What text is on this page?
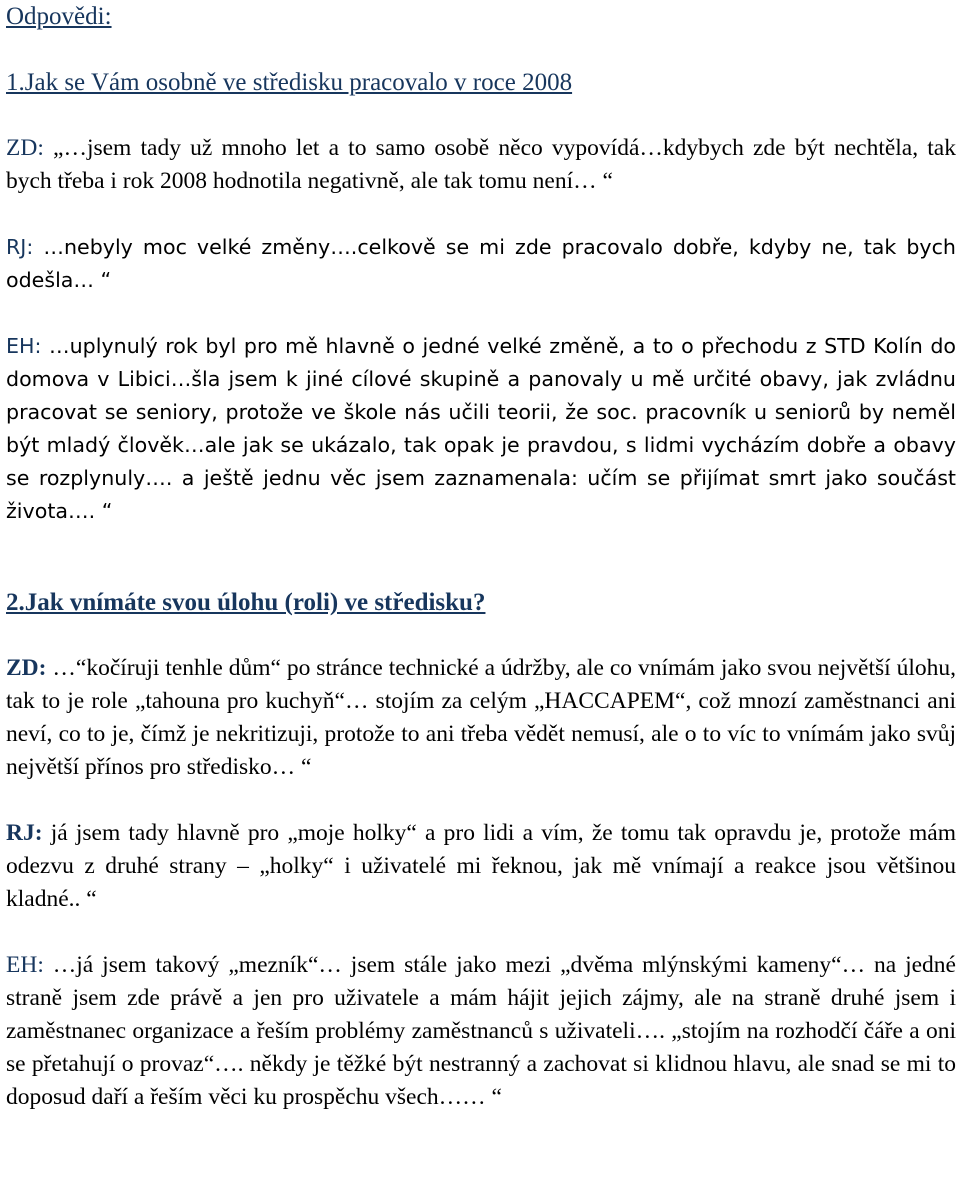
Odpovědi:
1.Jak se Vám osobně ve středisku pracovalo v roce 2008

ZD: „…jsem tady už mnoho let a to samo osobě něco vypovídá…kdybych zde být nechtěla, tak bych třeba i rok 2008 hodnotila negativně, ale tak tomu není… “

RJ: …nebyly moc velké změny….celkově se mi zde pracovalo dobře, kdyby ne, tak bych odešla… “

EH: …uplynulý rok byl pro mě hlavně o jedné velké změně, a to o přechodu z STD Kolín do domova v Libici…šla jsem k jiné cílové skupině a panovaly u mě určité obavy, jak zvládnu pracovat se seniory, protože ve škole nás učili teorii, že soc. pracovník u seniorů by neměl být mladý člověk…ale jak se ukázalo, tak opak je pravdou, s lidmi vycházím dobře a obavy se rozplynuly…. a ještě jednu věc jsem zaznamenala: učím se přijímat smrt jako součást života…. “

2.Jak vnímáte svou úlohu (roli) ve středisku?

ZD: …“kočíruji tenhle dům“ po stránce technické a údržby, ale co vnímám jako svou největší úlohu, tak to je role „tahouna pro kuchyň“… stojím za celým „HACCAPEM“, což mnozí zaměstnanci ani neví, co to je, čímž je nekritizuji, protože to ani třeba vědět nemusí, ale o to víc to vnímám jako svůj největší přínos pro středisko… “

RJ: já jsem tady hlavně pro „moje holky“ a pro lidi a vím, že tomu tak opravdu je, protože mám odezvu z druhé strany – „holky“ i uživatelé mi řeknou, jak mě vnímají a reakce jsou většinou kladné.. “

EH: …já jsem takový „mezník“… jsem stále jako mezi „dvěma mlýnskými kameny“… na jedné straně jsem zde právě a jen pro uživatele a mám hájit jejich zájmy, ale na straně druhé jsem i zaměstnanec organizace a řeším problémy zaměstnanců s uživateli…. „stojím na rozhodčí čáře a oni se přetahují o provaz“…. někdy je těžké být nestranný a zachovat si klidnou hlavu, ale snad se mi to doposud daří a řeším věci ku prospěchu všech…… “
